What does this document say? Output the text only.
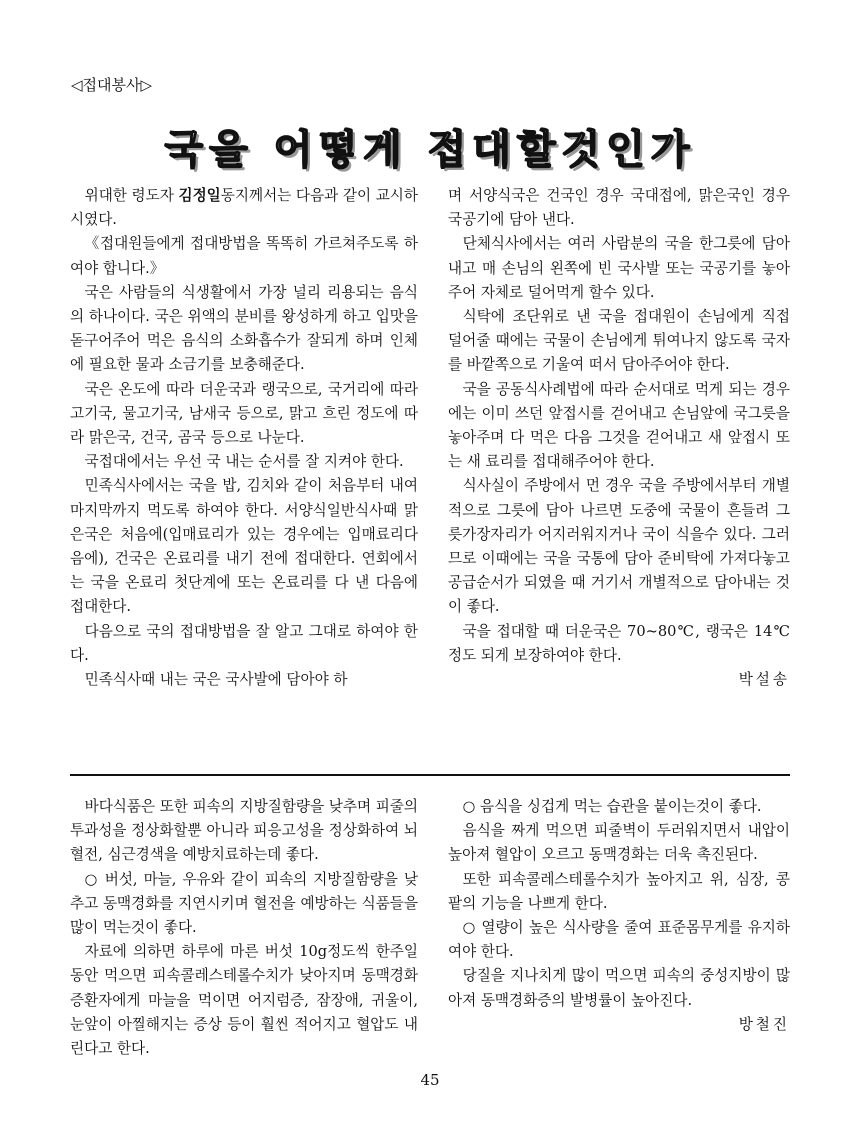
◁접대봉사▷
국을 어떻게 접대할것인가

위대한 령도자 김정일동지께서는 다음과 같이 교시하시였다.

《접대원들에게 접대방법을 똑똑히 가르쳐주도록 하여야 합니다.》

국은 사람들의 식생활에서 가장 널리 리용되는 음식의 하나이다. 국은 위액의 분비를 왕성하게 하고 입맛을 돋구어주어 먹은 음식의 소화흡수가 잘되게 하며 인체에 필요한 물과 소금기를 보충해준다.

국은 온도에 따라 더운국과 랭국으로, 국거리에 따라 고기국, 물고기국, 남새국 등으로, 맑고 흐린 정도에 따라 맑은국, 건국, 곰국 등으로 나눈다.

국접대에서는 우선 국 내는 순서를 잘 지켜야 한다.

민족식사에서는 국을 밥, 김치와 같이 처음부터 내여 마지막까지 먹도록 하여야 한다. 서양식일반식사때 맑은국은 처음에(입매료리가 있는 경우에는 입매료리다음에), 건국은 온료리를 내기 전에 접대한다. 연회에서는 국을 온료리 첫단계에 또는 온료리를 다 낸 다음에 접대한다.

다음으로 국의 접대방법을 잘 알고 그대로 하여야 한다.

민족식사때 내는 국은 국사발에 담아야 하

며 서양식국은 건국인 경우 국대접에, 맑은국인 경우 국공기에 담아 낸다.

단체식사에서는 여러 사람분의 국을 한그릇에 담아 내고 매 손님의 왼쪽에 빈 국사발 또는 국공기를 놓아주어 자체로 덜어먹게 할수 있다.

식탁에 조단위로 낸 국을 접대원이 손님에게 직접 덜어줄 때에는 국물이 손님에게 튀여나지 않도록 국자를 바깥쪽으로 기울여 떠서 담아주어야 한다.

국을 공동식사례법에 따라 순서대로 먹게 되는 경우에는 이미 쓰던 앞접시를 걷어내고 손님앞에 국그릇을 놓아주며 다 먹은 다음 그것을 걷어내고 새 앞접시 또는 새 료리를 접대해주어야 한다.

식사실이 주방에서 먼 경우 국을 주방에서부터 개별적으로 그릇에 담아 나르면 도중에 국물이 흔들려 그릇가장자리가 어지러워지거나 국이 식을수 있다. 그러므로 이때에는 국을 국통에 담아 준비탁에 가져다놓고 공급순서가 되였을 때 거기서 개별적으로 담아내는 것이 좋다.

국을 접대할 때 더운국은 70~80℃, 랭국은 14℃정도 되게 보장하여야 한다.

박설송

바다식품은 또한 피속의 지방질함량을 낮추며 피줄의 투과성을 정상화할뿐 아니라 피응고성을 정상화하여 뇌혈전, 심근경색을 예방치료하는데 좋다.

○ 버섯, 마늘, 우유와 같이 피속의 지방질함량을 낮추고 동맥경화를 지연시키며 혈전을 예방하는 식품들을 많이 먹는것이 좋다.

자료에 의하면 하루에 마른 버섯 10g정도씩 한주일동안 먹으면 피속콜레스테롤수치가 낮아지며 동맥경화증환자에게 마늘을 먹이면 어지럼증, 잠장애, 귀울이, 눈앞이 아찔해지는 증상 등이 훨씬 적어지고 혈압도 내린다고 한다.

○ 음식을 싱겁게 먹는 습관을 붙이는것이 좋다.

음식을 짜게 먹으면 피줄벽이 두러워지면서 내압이 높아져 혈압이 오르고 동맥경화는 더욱 촉진된다.

또한 피속콜레스테롤수치가 높아지고 위, 심장, 콩팥의 기능을 나쁘게 한다.

○ 열량이 높은 식사량을 줄여 표준몸무게를 유지하여야 한다.

당질을 지나치게 많이 먹으면 피속의 중성지방이 많아져 동맥경화증의 발병률이 높아진다.

방철진

45
